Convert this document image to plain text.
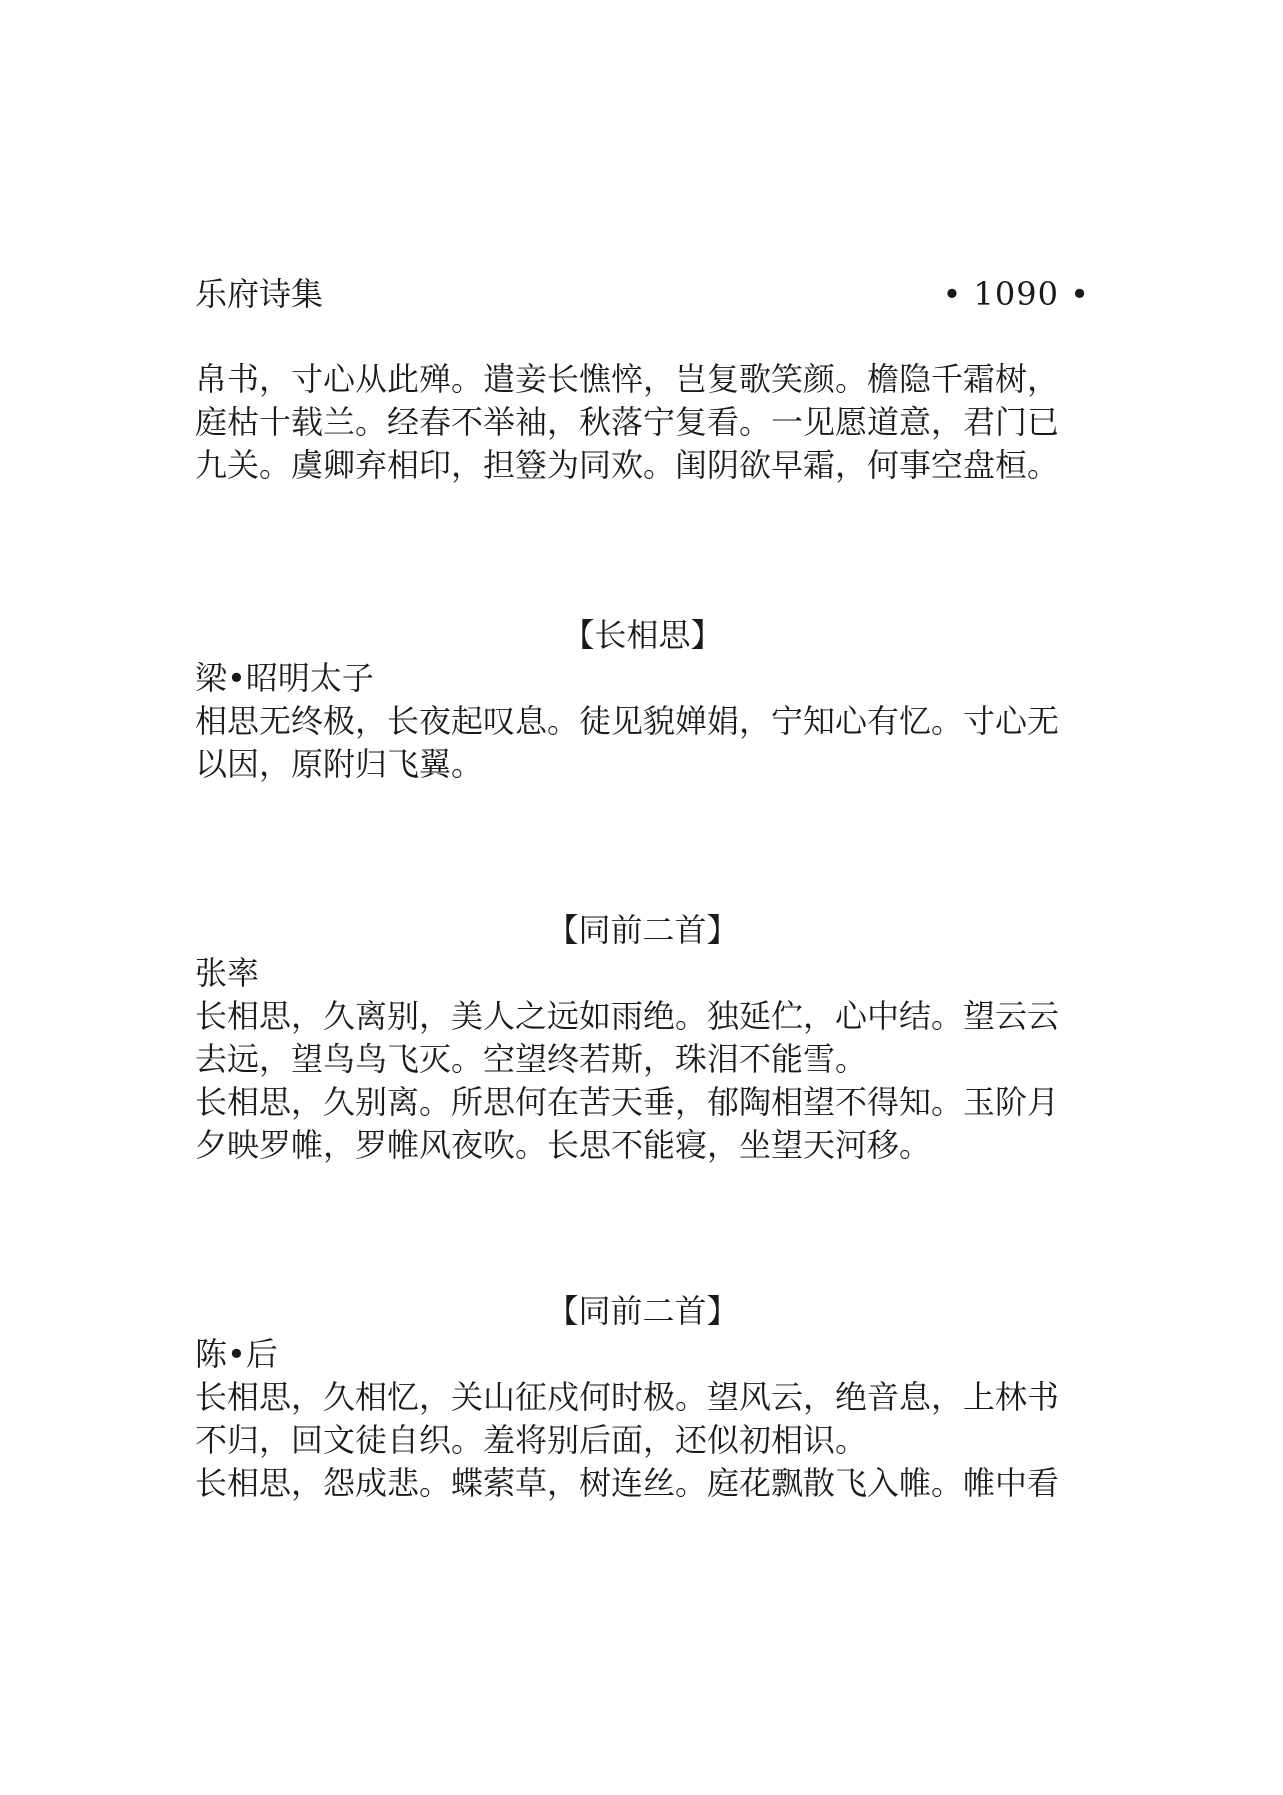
乐府诗集	• 1090 •
帛书，寸心从此殚。遣妾长憔悴，岂复歌笑颜。檐隐千霜树，
庭枯十载兰。经春不举袖，秋落宁复看。一见愿道意，君门已
九关。虞卿弃相印，担簦为同欢。闺阴欲早霜，何事空盘桓。
【长相思】
梁•昭明太子
相思无终极，长夜起叹息。徒见貌婵娟，宁知心有忆。寸心无
以因，原附归飞翼。
【同前二首】
张率
长相思，久离别，美人之远如雨绝。独延伫，心中结。望云云
去远，望鸟鸟飞灭。空望终若斯，珠泪不能雪。
长相思，久别离。所思何在苦天垂，郁陶相望不得知。玉阶月
夕映罗帷，罗帷风夜吹。长思不能寝，坐望天河移。
【同前二首】
陈•后
长相思，久相忆，关山征戍何时极。望风云，绝音息，上林书
不归，回文徒自织。羞将别后面，还似初相识。
长相思，怨成悲。蝶萦草，树连丝。庭花飘散飞入帷。帷中看
